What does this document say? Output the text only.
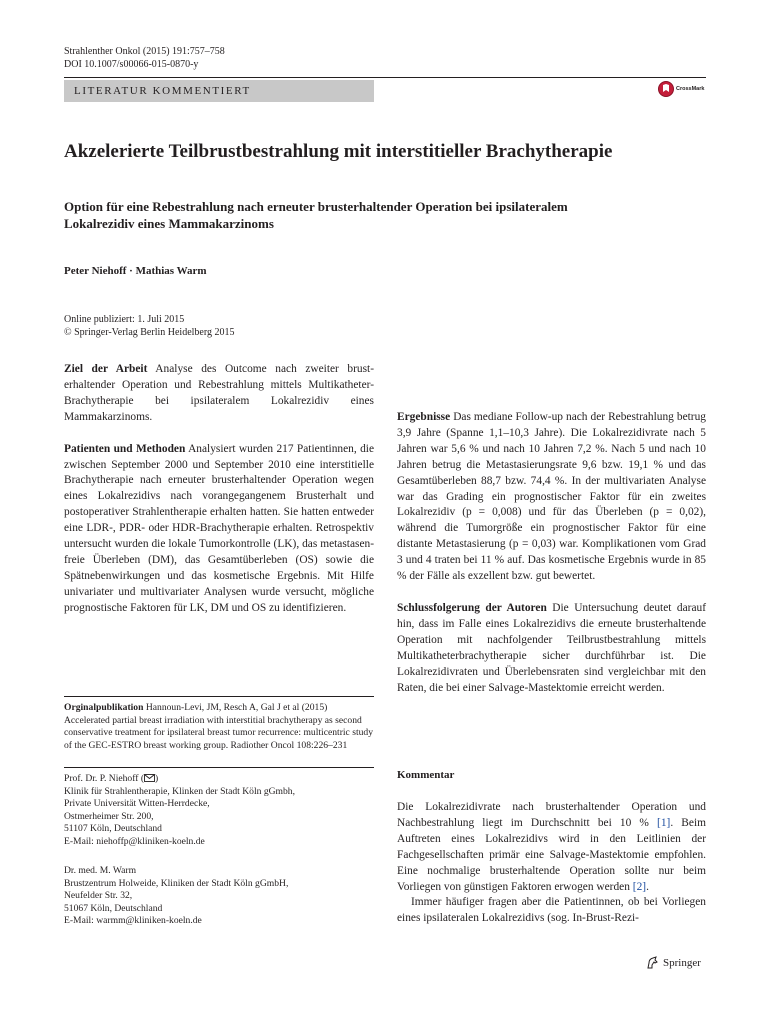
Strahlenther Onkol (2015) 191:757–758
DOI 10.1007/s00066-015-0870-y
LITERATUR KOMMENTIERT	CrossMark
Akzelerierte Teilbrustbestrahlung mit interstitieller Brachytherapie
Option für eine Rebestrahlung nach erneuter brusterhaltender Operation bei ipsilateralem Lokalrezidiv eines Mammakarzinoms
Peter Niehoff · Mathias Warm
Online publiziert: 1. Juli 2015
© Springer-Verlag Berlin Heidelberg 2015

Ziel der Arbeit Analyse des Outcome nach zweiter brusterhaltender Operation und Rebestrahlung mittels Multikatheter-Brachytherapie bei ipsilateralem Lokalrezidiv eines Mammakarzinoms.

Patienten und Methoden Analysiert wurden 217 Patientinnen, die zwischen September 2000 und September 2010 eine interstitielle Brachytherapie nach erneuter brusterhaltender Operation wegen eines Lokalrezidivs nach vorangegangenem Brusterhalt und postoperativer Strahlentherapie erhalten hatten. Sie hatten entweder eine LDR-, PDR- oder HDR-Brachytherapie erhalten. Retrospektiv untersucht wurden die lokale Tumorkontrolle (LK), das metastasenfreie Überleben (DM), das Gesamtüberleben (OS) sowie die Spätnebenwirkungen und das kosmetische Ergebnis. Mit Hilfe univariater und multivariater Analysen wurde versucht, mögliche prognostische Faktoren für LK, DM und OS zu identifizieren.

Ergebnisse Das mediane Follow-up nach der Rebestrahlung betrug 3,9 Jahre (Spanne 1,1–10,3 Jahre). Die Lokalrezidivrate nach 5 Jahren war 5,6 % und nach 10 Jahren 7,2 %. Nach 5 und nach 10 Jahren betrug die Metastasierungsrate 9,6 bzw. 19,1 % und das Gesamtüberleben 88,7 bzw. 74,4 %. In der multivariaten Analyse war das Grading ein prognostischer Faktor für ein zweites Lokalrezidiv (p = 0,008) und für das Überleben (p = 0,02), während die Tumorgröße ein prognostischer Faktor für eine distante Metastasierung (p = 0,03) war. Komplikationen vom Grad 3 und 4 traten bei 11 % auf. Das kosmetische Ergebnis wurde in 85 % der Fälle als exzellent bzw. gut bewertet.

Schlussfolgerung der Autoren Die Untersuchung deutet darauf hin, dass im Falle eines Lokalrezidivs die erneute brusterhaltende Operation mit nachfolgender Teilbrustbestrahlung mittels Multikatheterbrachytherapie sicher durchführbar ist. Die Lokalrezidivraten und Überlebensraten sind vergleichbar mit den Raten, die bei einer Salvage-Mastektomie erreicht werden.

Orginalpublikation Hannoun-Levi, JM, Resch A, Gal J et al (2015) Accelerated partial breast irradiation with interstitial brachytherapy as second conservative treatment for ipsilateral breast tumor recurrence: multicentric study of the GEC-ESTRO breast working group. Radiother Oncol 108:226–231
Prof. Dr. P. Niehoff ( )
Klinik für Strahlentherapie, Klinken der Stadt Köln gGmbh,
Private Universität Witten-Herrdecke,
Ostmerheimer Str. 200,
51107 Köln, Deutschland
E-Mail: niehoffp@kliniken-koeln.de
Dr. med. M. Warm
Brustzentrum Holweide, Kliniken der Stadt Köln gGmbH,
Neufelder Str. 32,
51067 Köln, Deutschland
E-Mail: warmm@kliniken-koeln.de
Kommentar

Die Lokalrezidivrate nach brusterhaltender Operation und Nachbestrahlung liegt im Durchschnitt bei 10 % [1]. Beim Auftreten eines Lokalrezidivs wird in den Leitlinien der Fachgesellschaften primär eine Salvage-Mastektomie empfohlen. Eine nochmalige brusterhaltende Operation sollte nur beim Vorliegen von günstigen Faktoren erwogen werden [2].

Immer häufiger fragen aber die Patientinnen, ob bei Vorliegen eines ipsilateralen Lokalrezidivs (sog. In-Brust-Rezi-

Springer
